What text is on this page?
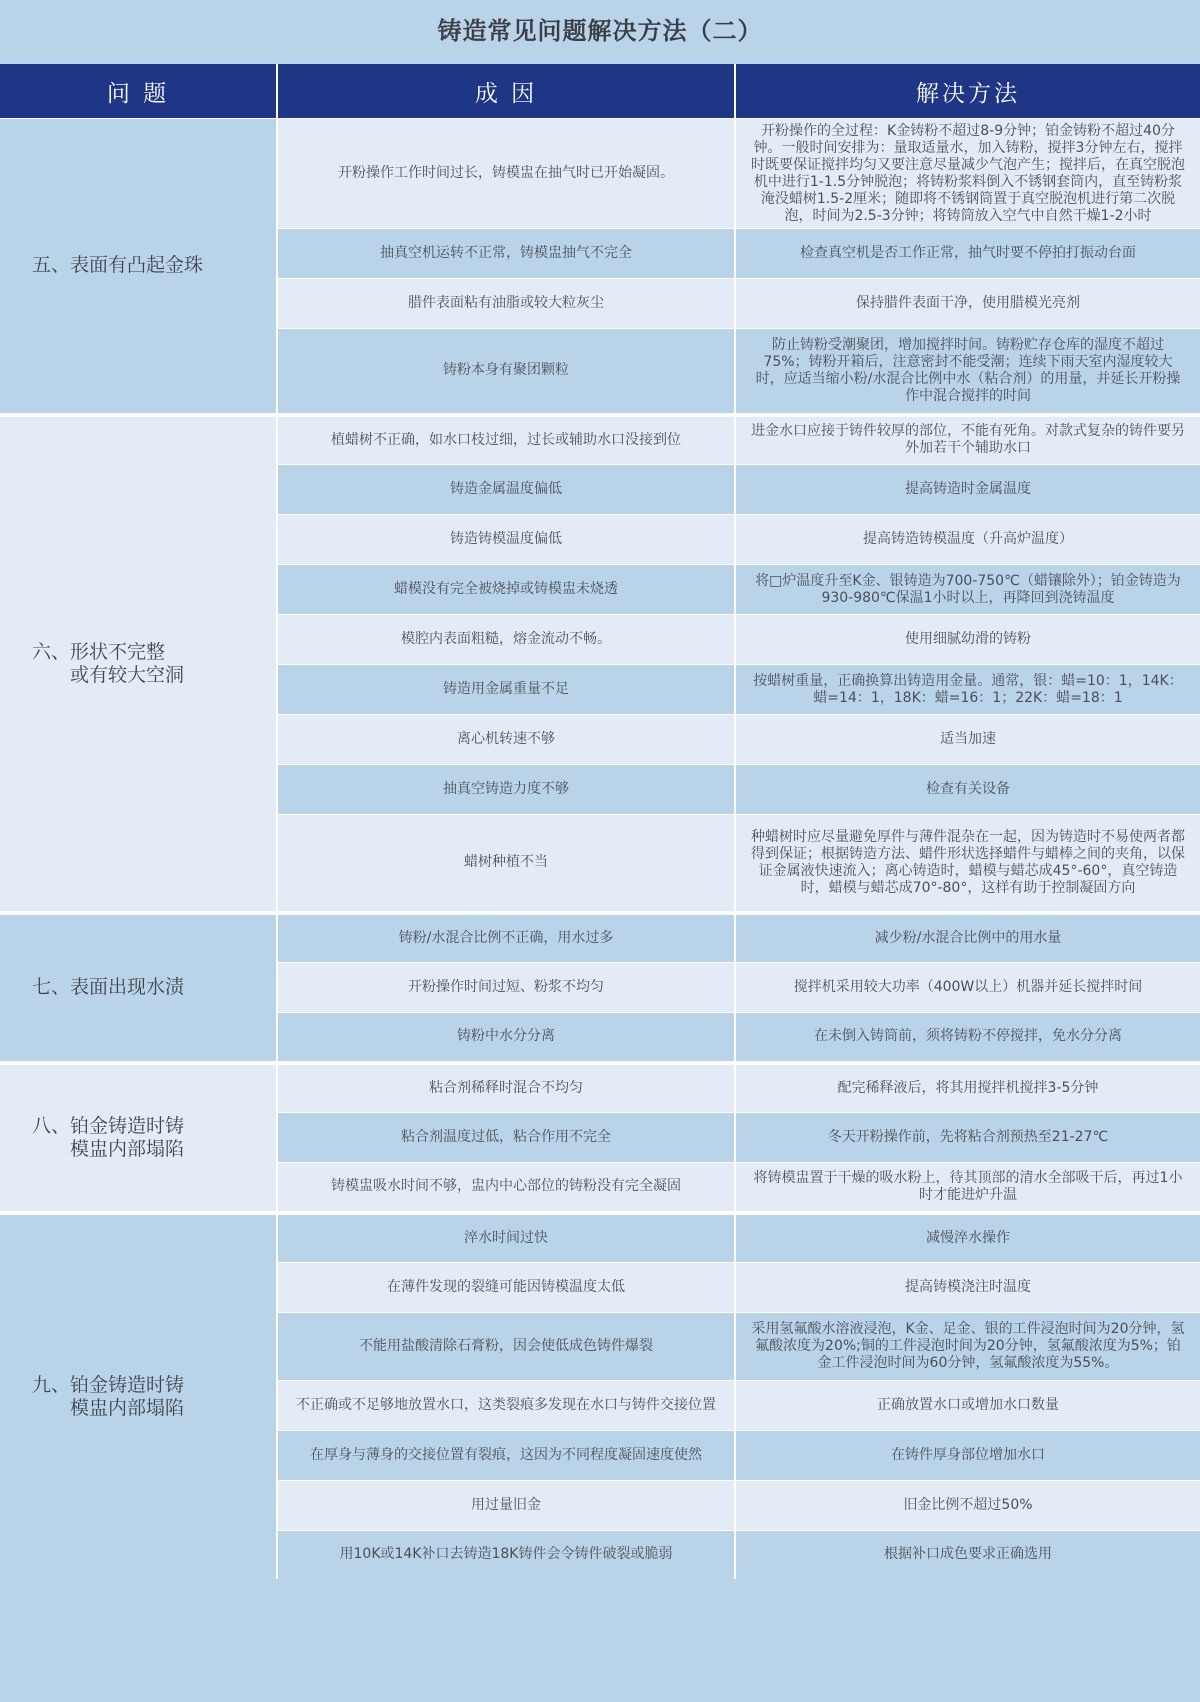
铸造常见问题解决方法（二）
问 题	成 因	解决方法

五、表面有凸起金珠	开粉操作工作时间过长，铸模盅在抽气时已开始凝固。	开粉操作的全过程：K金铸粉不超过8-9分钟；铂金铸粉不超过40分钟。一般时间安排为：量取适量水，加入铸粉，搅拌3分钟左右，搅拌时既要保证搅拌均匀又要注意尽量减少气泡产生；搅拌后，在真空脱泡机中进行1-1.5分钟脱泡；将铸粉浆料倒入不锈钢套筒内，直至铸粉浆淹没蜡树1.5-2厘米；随即将不锈钢筒置于真空脱泡机进行第二次脱泡，时间为2.5-3分钟；将铸筒放入空气中自然干燥1-2小时
	抽真空机运转不正常，铸模盅抽气不完全	检查真空机是否工作正常，抽气时要不停拍打振动台面
	腊件表面粘有油脂或较大粒灰尘	保持腊件表面干净，使用腊模光亮剂
	铸粉本身有聚团颗粒	防止铸粉受潮聚团，增加搅拌时间。铸粉贮存仓库的湿度不超过75%；铸粉开箱后，注意密封不能受潮；连续下雨天室内湿度较大时，应适当缩小粉/水混合比例中水（粘合剂）的用量，并延长开粉操作中混合搅拌的时间

六、形状不完整
或有较大空洞	植蜡树不正确，如水口枝过细，过长或辅助水口没接到位	进金水口应接于铸件较厚的部位，不能有死角。对款式复杂的铸件要另外加若干个辅助水口
	铸造金属温度偏低	提高铸造时金属温度
	铸造铸模温度偏低	提高铸造铸模温度（升高炉温度）
	蜡模没有完全被烧掉或铸模盅未烧透	将□炉温度升至K金、银铸造为700-750℃（蜡镶除外）；铂金铸造为930-980℃保温1小时以上，再降回到浇铸温度
	模腔内表面粗糙，熔金流动不畅。	使用细腻幼滑的铸粉
	铸造用金属重量不足	按蜡树重量，正确换算出铸造用金量。通常，银：蜡=10：1，14K：蜡=14：1，18K：蜡=16：1；22K：蜡=18：1
	离心机转速不够	适当加速
	抽真空铸造力度不够	检查有关设备
	蜡树种植不当	种蜡树时应尽量避免厚件与薄件混杂在一起，因为铸造时不易使两者都得到保证；根据铸造方法、蜡件形状选择蜡件与蜡棒之间的夹角，以保证金属液快速流入；离心铸造时，蜡模与蜡芯成45°-60°，真空铸造时，蜡模与蜡芯成70°-80°，这样有助于控制凝固方向

七、表面出现水渍	铸粉/水混合比例不正确，用水过多	减少粉/水混合比例中的用水量
	开粉操作时间过短、粉浆不均匀	搅拌机采用较大功率（400W以上）机器并延长搅拌时间
	铸粉中水分分离	在未倒入铸筒前，须将铸粉不停搅拌，免水分分离

八、铂金铸造时铸
模盅内部塌陷	粘合剂稀释时混合不均匀	配完稀释液后，将其用搅拌机搅拌3-5分钟
	粘合剂温度过低，粘合作用不完全	冬天开粉操作前，先将粘合剂预热至21-27℃
	铸模盅吸水时间不够，盅内中心部位的铸粉没有完全凝固	将铸模盅置于干燥的吸水粉上，待其顶部的清水全部吸干后，再过1小时才能进炉升温

九、铂金铸造时铸
模盅内部塌陷	淬水时间过快	减慢淬水操作
	在薄件发现的裂缝可能因铸模温度太低	提高铸模浇注时温度
	不能用盐酸清除石膏粉，因会使低成色铸件爆裂	采用氢氟酸水溶液浸泡，K金、足金、银的工件浸泡时间为20分钟，氢氟酸浓度为20%;铜的工件浸泡时间为20分钟，氢氟酸浓度为5%；铂金工件浸泡时间为60分钟，氢氟酸浓度为55%。
	不正确或不足够地放置水口，这类裂痕多发现在水口与铸件交接位置	正确放置水口或增加水口数量
	在厚身与薄身的交接位置有裂痕，这因为不同程度凝固速度使然	在铸件厚身部位增加水口
	用过量旧金	旧金比例不超过50%
	用10K或14K补口去铸造18K铸件会令铸件破裂或脆弱	根据补口成色要求正确选用
